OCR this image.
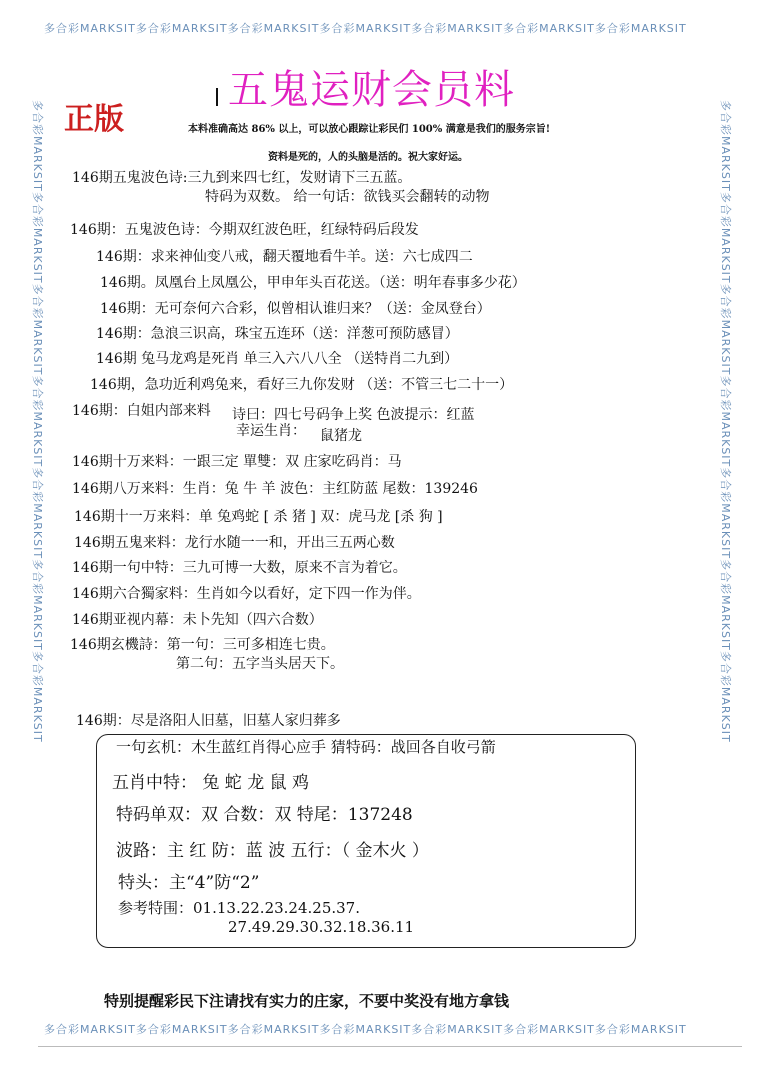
多合彩MARKSIT多合彩MARKSIT多合彩MARKSIT多合彩MARKSIT多合彩MARKSIT多合彩MARKSIT多合彩MARKSIT
多合彩MARKSIT多合彩MARKSIT多合彩MARKSIT多合彩MARKSIT多合彩MARKSIT多合彩MARKSIT多合彩MARKSIT
多合彩MARKSIT多合彩MARKSIT多合彩MARKSIT多合彩MARKSIT多合彩MARKSIT多合彩MARKSIT多合彩MARKSIT	多合彩MARKSIT多合彩MARKSIT多合彩MARKSIT多合彩MARKSIT多合彩MARKSIT多合彩MARKSIT多合彩MARKSIT
五鬼运财会员料
正版	本料准确高达 86% 以上，可以放心跟踪让彩民们 100% 满意是我们的服务宗旨!
资料是死的，人的头脑是活的。祝大家好运。
146期五鬼波色诗:三九到来四七红，发财请下三五蓝。
特码为双数。 给一句话：欲钱买会翻转的动物
146期：五鬼波色诗：今期双红波色旺，红绿特码后段发
146期：求来神仙变八戒，翻天覆地看牛羊。送：六七成四二
146期。凤凰台上凤凰公，甲申年头百花送。（送：明年春事多少花）
146期：无可奈何六合彩，似曾相认谁归来？（送：金凤登台）
146期：急浪三识高，珠宝五连环（送：洋葱可预防感冒）
146期 兔马龙鸡是死肖 单三入六八八全 （送特肖二九到）
146期，急功近利鸡兔来，看好三九你发财 （送：不管三七二十一）
146期：白姐内部来料 诗曰：四七号码争上奖 色波提示：红蓝
幸运生肖： 鼠猪龙
146期十万来料：一跟三定 單雙：双 庄家吃码肖：马
146期八万来料：生肖：兔 牛 羊 波色：主红防蓝 尾数：139246
146期十一万来料：单 兔鸡蛇 [ 杀 猪 ] 双：虎马龙 [杀 狗 ]
146期五鬼来料：龙行水随一一和，开出三五两心数
146期一句中特：三九可博一大数，原来不言为着它。
146期六合獨家料：生肖如今以看好，定下四一作为伴。
146期亚视内幕：未卜先知（四六合数）
146期玄機詩：第一句：三可多相连七贵。
第二句：五字当头居天下。
146期：尽是洛阳人旧墓，旧墓人家归葬多
一句玄机：木生蓝红肖得心应手 猜特码：战回各自收弓箭
五肖中特： 兔 蛇 龙 鼠 鸡
特码单双：双 合数：双 特尾：137248
波路：主 红 防：蓝 波 五行：（ 金木火 ）
特头：主“4”防“2”
参考特围：01.13.22.23.24.25.37.
27.49.29.30.32.18.36.11
特别提醒彩民下注请找有实力的庄家，不要中奖没有地方拿钱
